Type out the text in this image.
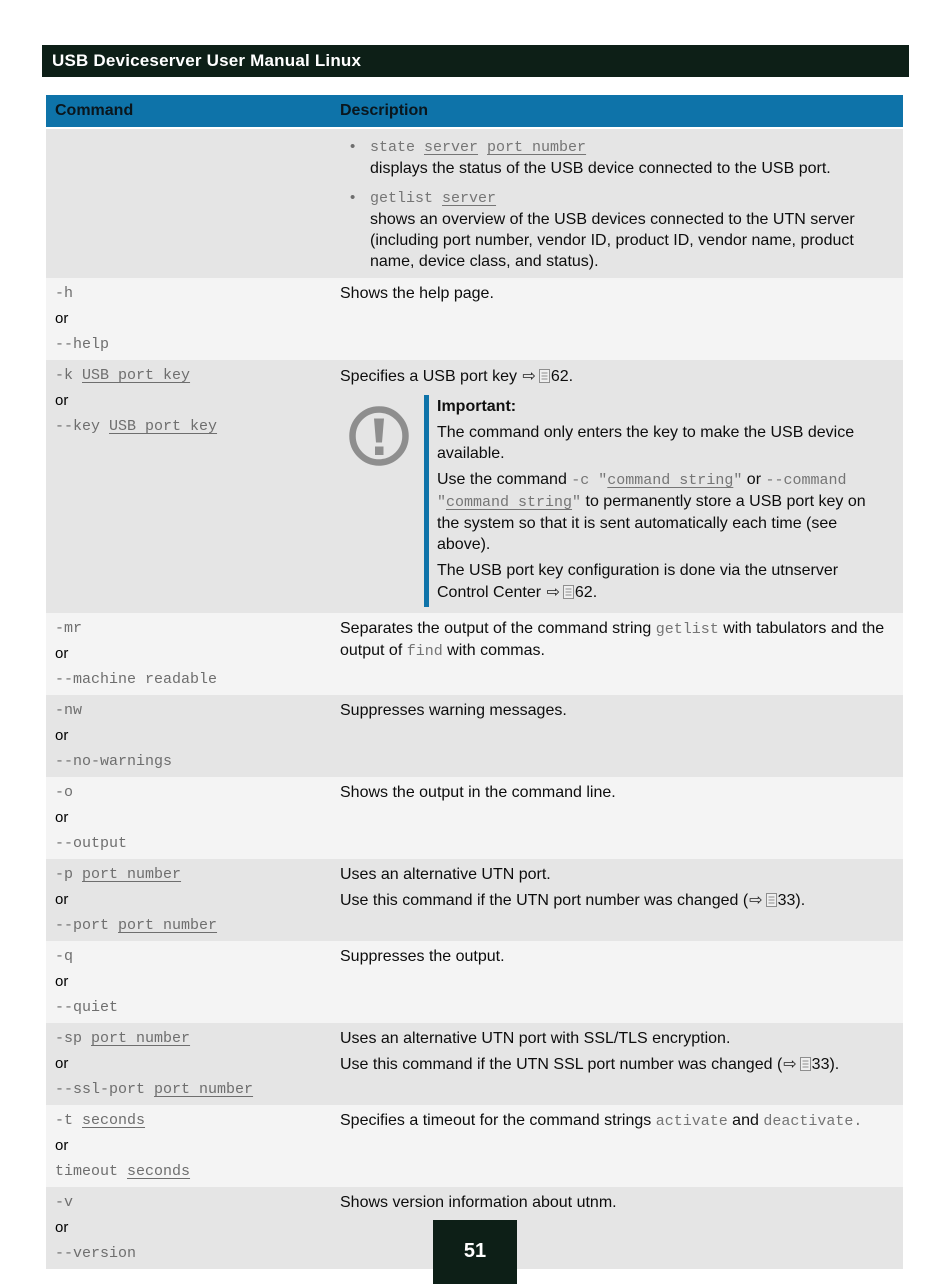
USB Deviceserver User Manual Linux
Command	Description
• state server port number
displays the status of the USB device connected to the USB port.
• getlist server
shows an overview of the USB devices connected to the UTN server (including port number, vendor ID, product ID, vendor name, product name, device class, and status).
-h
or
--help
Shows the help page.
-k USB port key
or
--key USB port key
Specifies a USB port key ⇨ 62.
Important:
The command only enters the key to make the USB device available.
Use the command -c "command string" or --command "command string" to permanently store a USB port key on the system so that it is sent automatically each time (see above).
The USB port key configuration is done via the utnserver Control Center ⇨ 62.
-mr
or
--machine readable
Separates the output of the command string getlist with tabulators and the output of find with commas.
-nw
or
--no-warnings
Suppresses warning messages.
-o
or
--output
Shows the output in the command line.
-p port number
or
--port port number
Uses an alternative UTN port.
Use this command if the UTN port number was changed (⇨ 33).
-q
or
--quiet
Suppresses the output.
-sp port number
or
--ssl-port port number
Uses an alternative UTN port with SSL/TLS encryption.
Use this command if the UTN SSL port number was changed (⇨ 33).
-t seconds
or
timeout seconds
Specifies a timeout for the command strings activate and deactivate.
-v
or
--version
Shows version information about utnm.
51
